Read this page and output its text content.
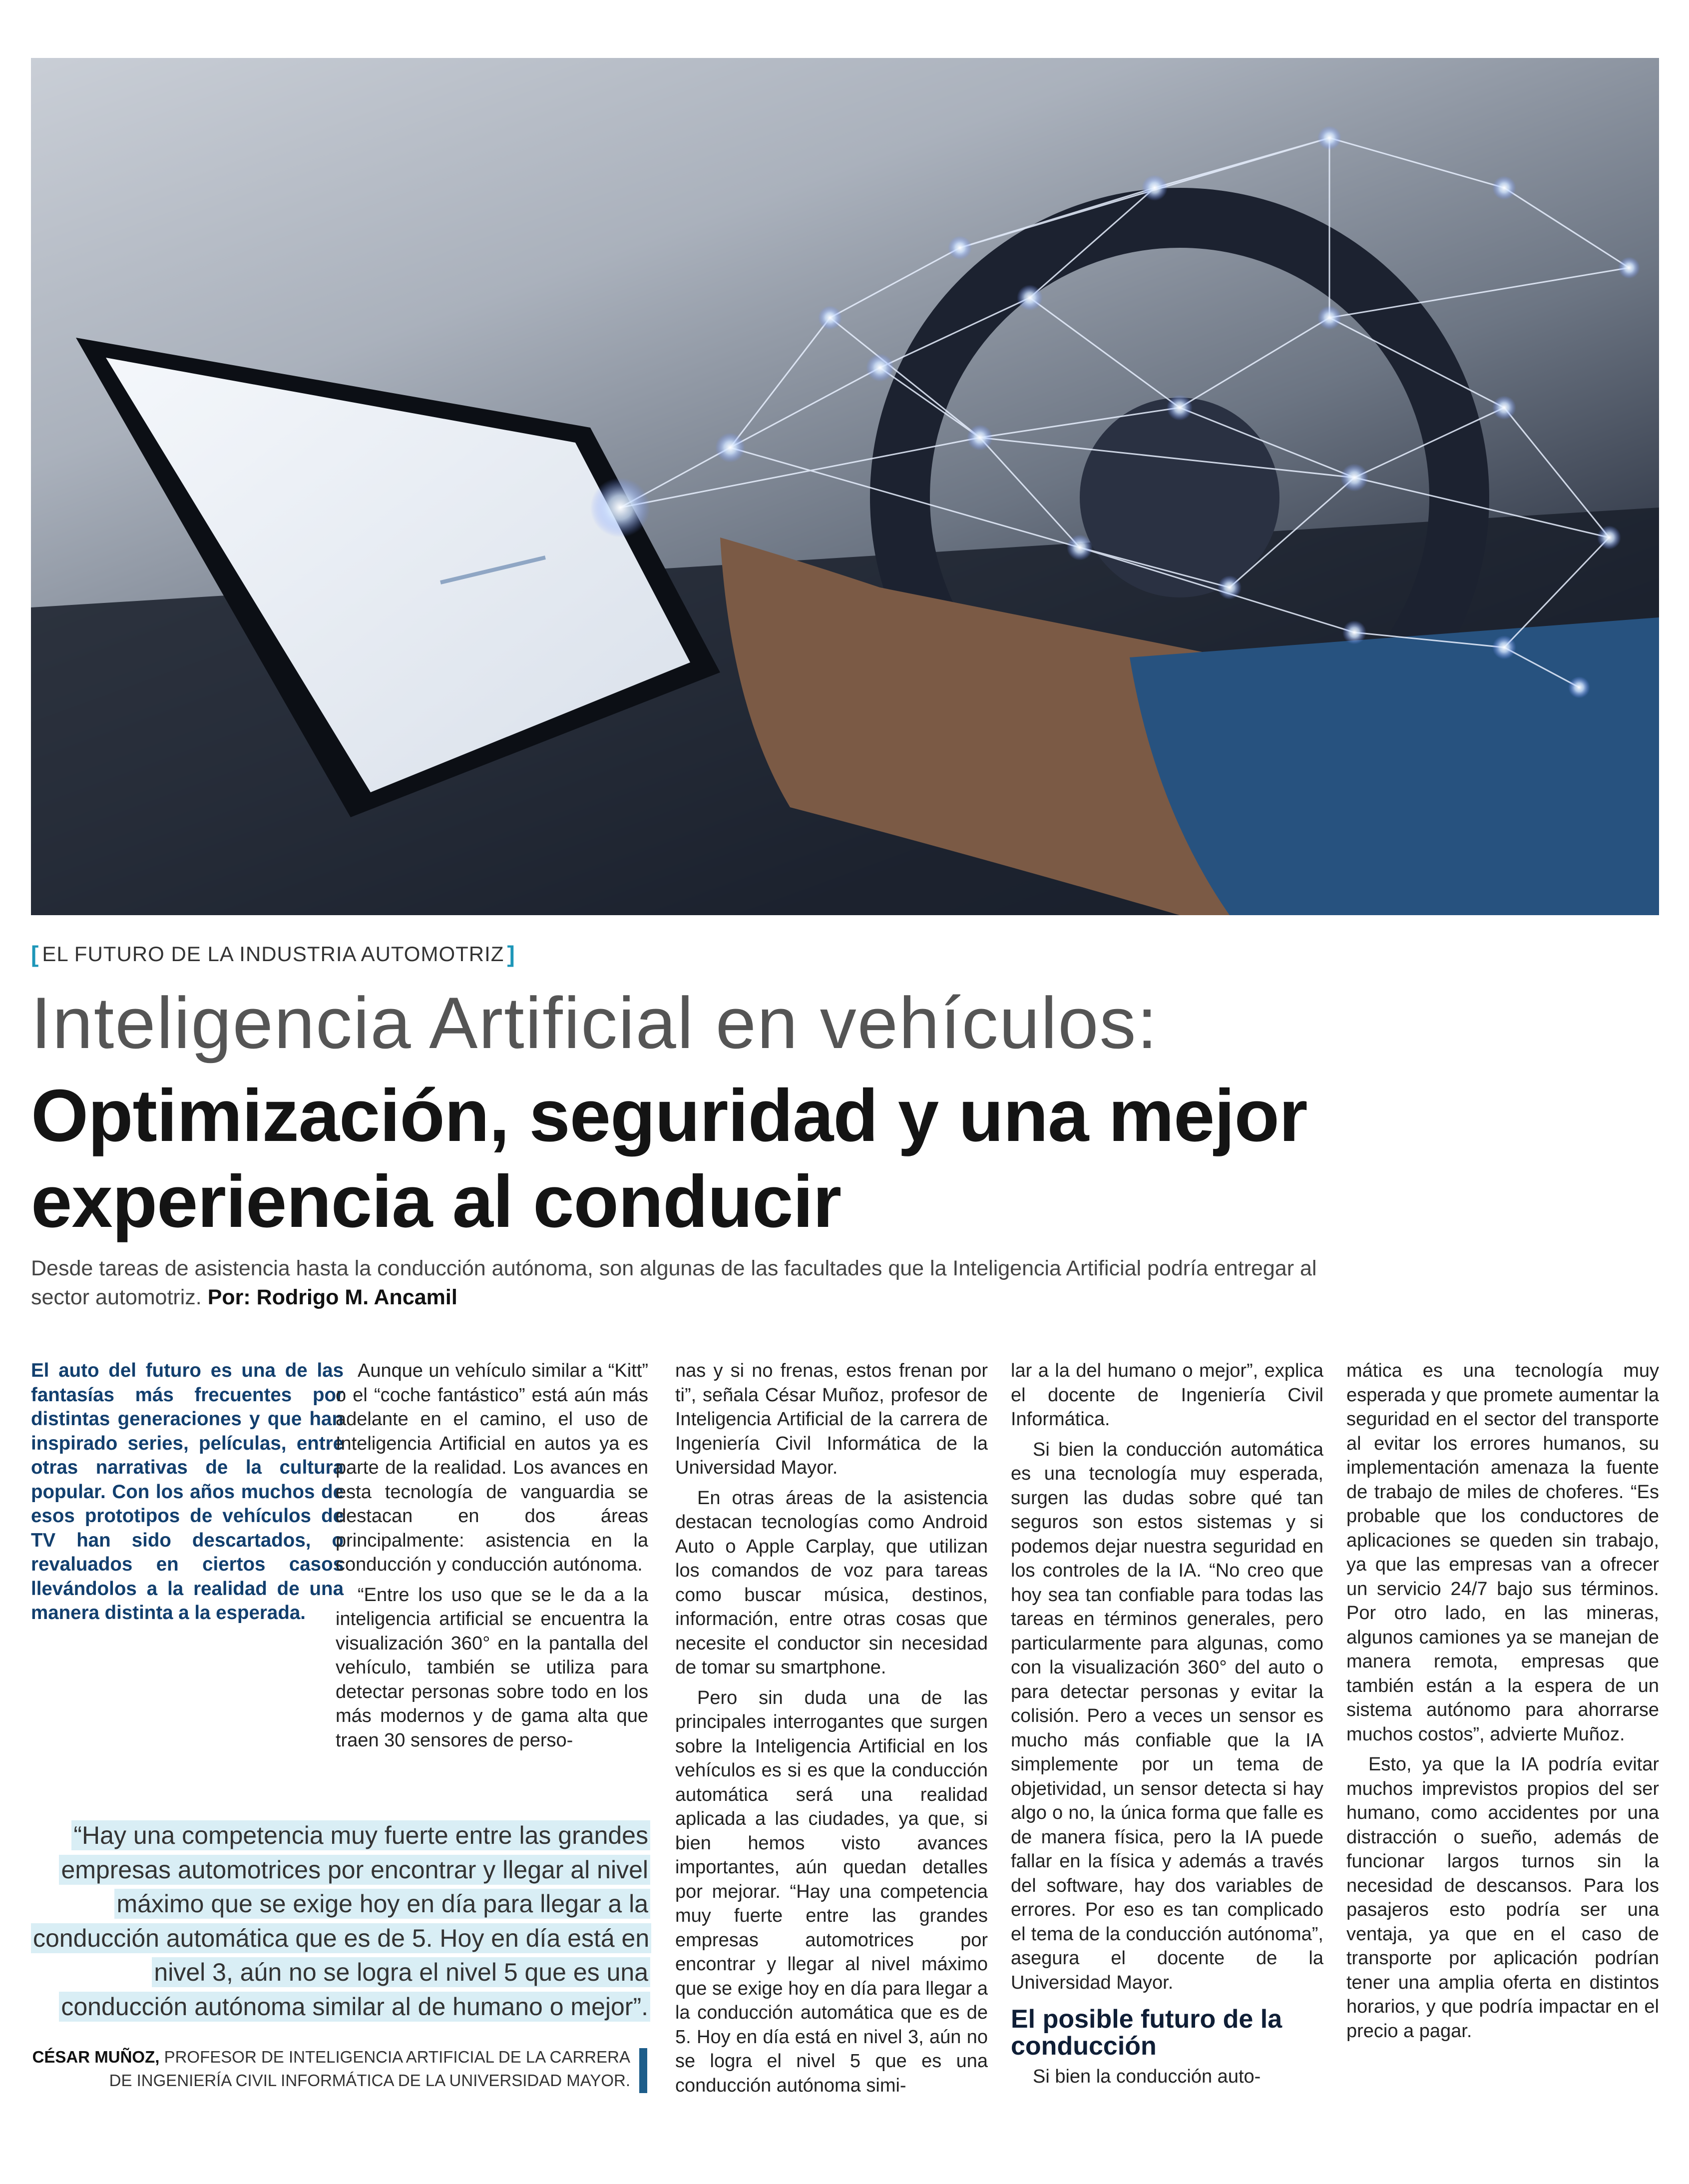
[ EL FUTURO DE LA INDUSTRIA AUTOMOTRIZ ]
Inteligencia Artificial en vehículos:
Optimización, seguridad y una mejor experiencia al conducir

Desde tareas de asistencia hasta la conducción autónoma, son algunas de las facultades que la Inteligencia Artificial podría entregar al sector automotriz. Por: Rodrigo M. Ancamil

El auto del futuro es una de las fantasías más frecuentes por distintas generaciones y que han inspirado series, películas, entre otras narrativas de la cultura popular. Con los años muchos de esos prototipos de vehículos de TV han sido descartados, o revaluados en ciertos casos llevándolos a la realidad de una manera distinta a la esperada.

Aunque un vehículo similar a “Kitt” o el “coche fantástico” está aún más adelante en el camino, el uso de Inteligencia Artificial en autos ya es parte de la realidad. Los avances en esta tecnología de vanguardia se destacan en dos áreas principalmente: asistencia en la conducción y conducción autónoma.

“Entre los uso que se le da a la inteligencia artificial se encuentra la visualización 360° en la pantalla del vehículo, también se utiliza para detectar personas sobre todo en los más modernos y de gama alta que traen 30 sensores de perso-

“Hay una competencia muy fuerte entre las grandes empresas automotrices por encontrar y llegar al nivel máximo que se exige hoy en día para llegar a la conducción automática que es de 5. Hoy en día está en nivel 3, aún no se logra el nivel 5 que es una conducción autónoma similar al de humano o mejor”.
CÉSAR MUÑOZ, PROFESOR DE INTELIGENCIA ARTIFICIAL DE LA CARRERA DE INGENIERÍA CIVIL INFORMÁTICA DE LA UNIVERSIDAD MAYOR.

nas y si no frenas, estos frenan por ti”, señala César Muñoz, profesor de Inteligencia Artificial de la carrera de Ingeniería Civil Informática de la Universidad Mayor.

En otras áreas de la asistencia destacan tecnologías como Android Auto o Apple Carplay, que utilizan los comandos de voz para tareas como buscar música, destinos, información, entre otras cosas que necesite el conductor sin necesidad de tomar su smartphone.

Pero sin duda una de las principales interrogantes que surgen sobre la Inteligencia Artificial en los vehículos es si es que la conducción automática será una realidad aplicada a las ciudades, ya que, si bien hemos visto avances importantes, aún quedan detalles por mejorar. “Hay una competencia muy fuerte entre las grandes empresas automotrices por encontrar y llegar al nivel máximo que se exige hoy en día para llegar a la conducción automática que es de 5. Hoy en día está en nivel 3, aún no se logra el nivel 5 que es una conducción autónoma simi-

lar a la del humano o mejor”, explica el docente de Ingeniería Civil Informática.

Si bien la conducción automática es una tecnología muy esperada, surgen las dudas sobre qué tan seguros son estos sistemas y si podemos dejar nuestra seguridad en los controles de la IA. “No creo que hoy sea tan confiable para todas las tareas en términos generales, pero particularmente para algunas, como con la visualización 360° del auto o para detectar personas y evitar la colisión. Pero a veces un sensor es mucho más confiable que la IA simplemente por un tema de objetividad, un sensor detecta si hay algo o no, la única forma que falle es de manera física, pero la IA puede fallar en la física y además a través del software, hay dos variables de errores. Por eso es tan complicado el tema de la conducción autónoma”, asegura el docente de la Universidad Mayor.

El posible futuro de la conducción

Si bien la conducción auto-

mática es una tecnología muy esperada y que promete aumentar la seguridad en el sector del transporte al evitar los errores humanos, su implementación amenaza la fuente de trabajo de miles de choferes. “Es probable que los conductores de aplicaciones se queden sin trabajo, ya que las empresas van a ofrecer un servicio 24/7 bajo sus términos. Por otro lado, en las mineras, algunos camiones ya se manejan de manera remota, empresas que también están a la espera de un sistema autónomo para ahorrarse muchos costos”, advierte Muñoz.

Esto, ya que la IA podría evitar muchos imprevistos propios del ser humano, como accidentes por una distracción o sueño, además de funcionar largos turnos sin la necesidad de descansos. Para los pasajeros esto podría ser una ventaja, ya que en el caso de transporte por aplicación podrían tener una amplia oferta en distintos horarios, y que podría impactar en el precio a pagar.
